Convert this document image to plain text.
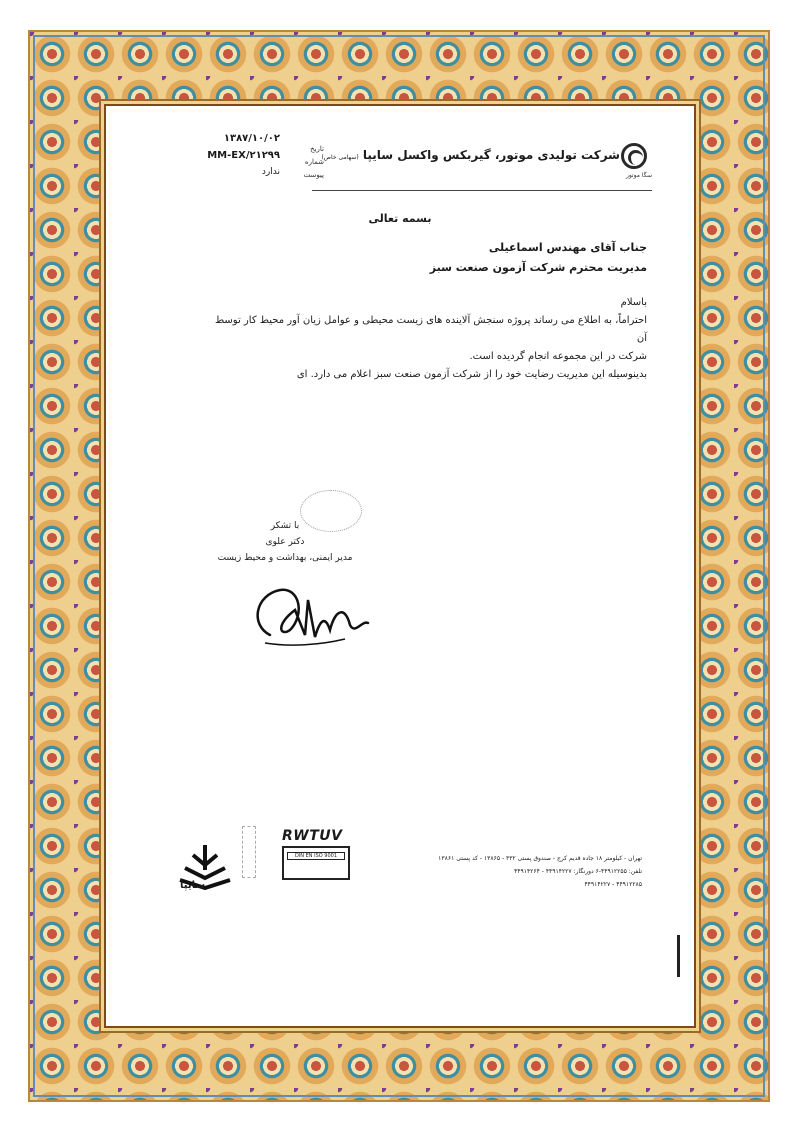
شرکت تولیدی موتور، گیربکس واکسل سایپا (سهامی خاص)
سگا موتور
تاریخ
شماره
پیوست
۱۳۸۷/۱۰/۰۲
MM-EX/۲۱۲۹۹
ندارد
بسمه تعالی
جناب آقای مهندس اسماعیلی
مدیریت محترم شرکت آزمون صنعت سبز
باسلام
احتراماً، به اطلاع می رساند پروژه سنجش آلاینده های زیست محیطی و عوامل زیان آور محیط کار توسط آن
شرکت در این مجموعه انجام گردیده است.
بدینوسیله این مدیریت رضایت خود را از شرکت آزمون صنعت سبز اعلام می دارد. ای
با تشکر
دکتر علوی
مدیر ایمنی، بهداشت و محیط زیست
سایپا
RWTUV
DIN EN ISO 9001	تهران - کیلومتر ۱۸ جاده قدیم کرج - صندوق پستی ۳۳۲ - ۱۳۸۶۵ - کد پستی ۱۳۸۶۱
تلفن: ۴۴۹۱۲۲۵۵-۶ دورنگار: ۴۴۹۱۴۲۲۷ - ۴۴۹۱۴۲۶۴
۴۴۹۱۲۲۸۵ - ۴۴۹۱۴۲۲۷
